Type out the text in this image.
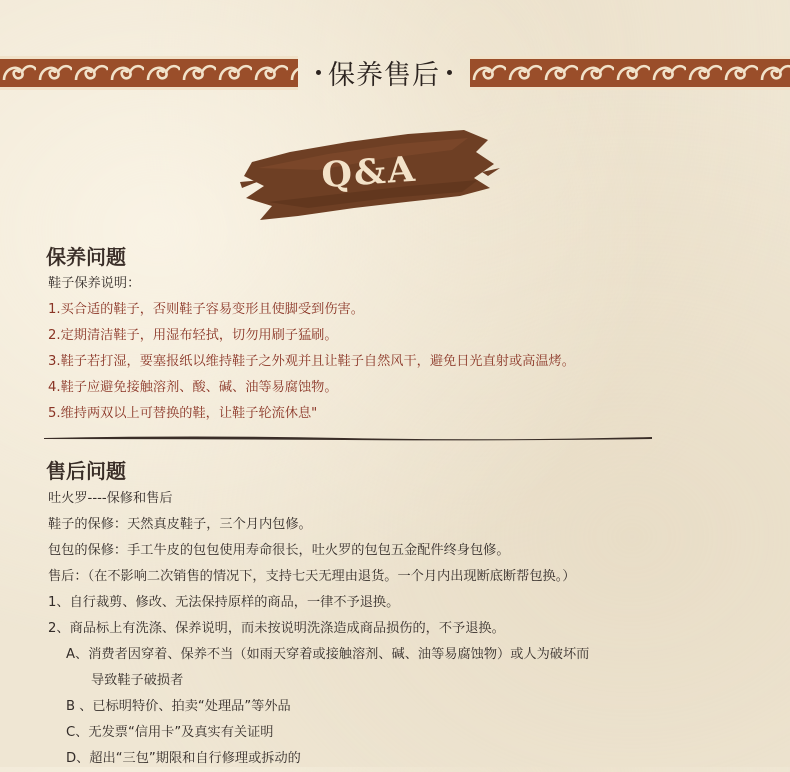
保养售后
Q&A
保养问题
鞋子保养说明：
1.买合适的鞋子，否则鞋子容易变形且使脚受到伤害。
2.定期清洁鞋子，用湿布轻拭，切勿用刷子猛刷。
3.鞋子若打湿，要塞报纸以维持鞋子之外观并且让鞋子自然风干，避免日光直射或高温烤。
4.鞋子应避免接触溶剂、酸、碱、油等易腐蚀物。
5.维持两双以上可替换的鞋，让鞋子轮流休息"
售后问题
吐火罗----保修和售后
鞋子的保修：天然真皮鞋子，三个月内包修。
包包的保修：手工牛皮的包包使用寿命很长，吐火罗的包包五金配件终身包修。
售后：（在不影响二次销售的情况下，支持七天无理由退货。一个月内出现断底断帮包换。）
1、自行裁剪、修改、无法保持原样的商品，一律不予退换。
2、商品标上有洗涤、保养说明，而未按说明洗涤造成商品损伤的，不予退换。
A、消费者因穿着、保养不当（如雨天穿着或接触溶剂、碱、油等易腐蚀物）或人为破坏而
导致鞋子破损者
B 、已标明特价、拍卖“处理品”等外品
C、无发票“信用卡”及真实有关证明
D、超出“三包”期限和自行修理或拆动的
